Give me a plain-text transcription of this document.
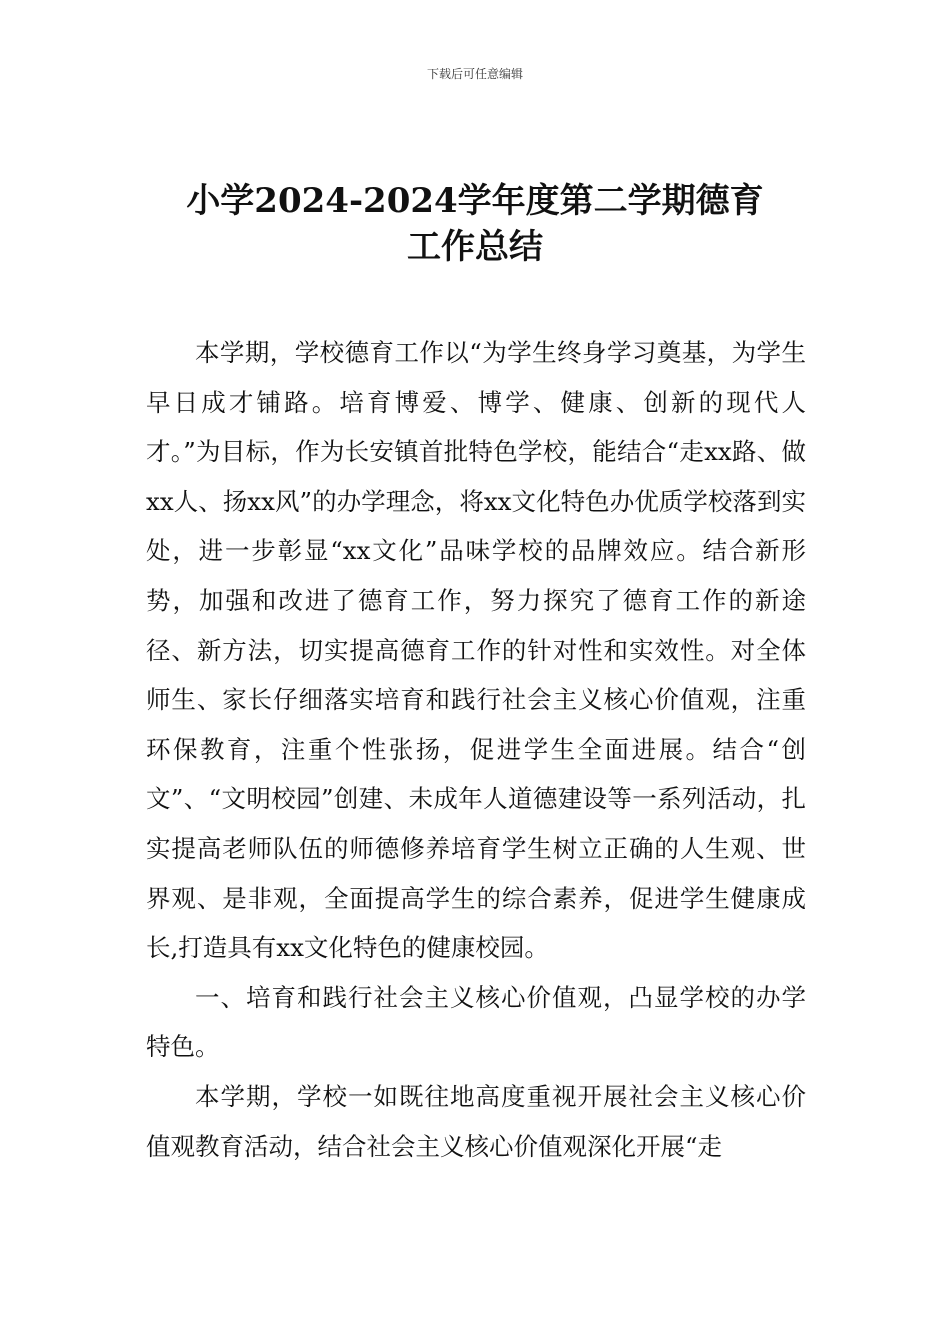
下载后可任意编辑
小学2024-2024学年度第二学期德育
工作总结

本学期，学校德育工作以“为学生终身学习奠基，为学生早日成才铺路。培育博爱、博学、健康、创新的现代人才。”为目标，作为长安镇首批特色学校，能结合“走xx路、做xx人、扬xx风”的办学理念，将xx文化特色办优质学校落到实处，进一步彰显“xx文化”品味学校的品牌效应。结合新形势，加强和改进了德育工作，努力探究了德育工作的新途径、新方法，切实提高德育工作的针对性和实效性。对全体师生、家长仔细落实培育和践行社会主义核心价值观，注重环保教育，注重个性张扬，促进学生全面进展。结合“创文”、“文明校园”创建、未成年人道德建设等一系列活动，扎实提高老师队伍的师德修养培育学生树立正确的人生观、世界观、是非观，全面提高学生的综合素养，促进学生健康成长,打造具有xx文化特色的健康校园。

一、培育和践行社会主义核心价值观，凸显学校的办学特色。

本学期，学校一如既往地高度重视开展社会主义核心价值观教育活动，结合社会主义核心价值观深化开展“走
